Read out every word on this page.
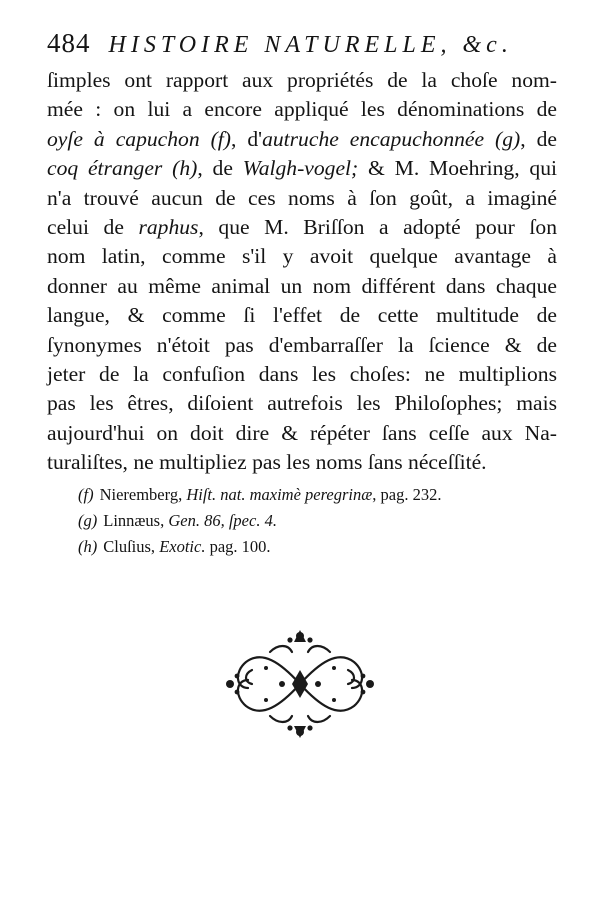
484 HISTOIRE NATURELLE, &c.
ſimples ont rapport aux propriétés de la choſe nom-
mée : on lui a encore appliqué les dénominations de
oyſe à capuchon (f), d'autruche encapuchonnée (g), de
coq étranger (h), de Walgh-vogel; & M. Moehring, qui
n'a trouvé aucun de ces noms à ſon goût, a imaginé
celui de raphus, que M. Briſſon a adopté pour ſon
nom latin, comme s'il y avoit quelque avantage à
donner au même animal un nom différent dans chaque
langue, & comme ſi l'effet de cette multitude de
ſynonymes n'étoit pas d'embarraſſer la ſcience & de
jeter de la confuſion dans les choſes: ne multiplions
pas les êtres, diſoient autrefois les Philoſophes; mais
aujourd'hui on doit dire & répéter ſans ceſſe aux Na-
turaliſtes, ne multipliez pas les noms ſans néceſſité.
(f) Nieremberg, Hiſt. nat. maximè peregrinæ, pag. 232.
(g) Linnæus, Gen. 86, ſpec. 4.
(h) Cluſius, Exotic. pag. 100.
